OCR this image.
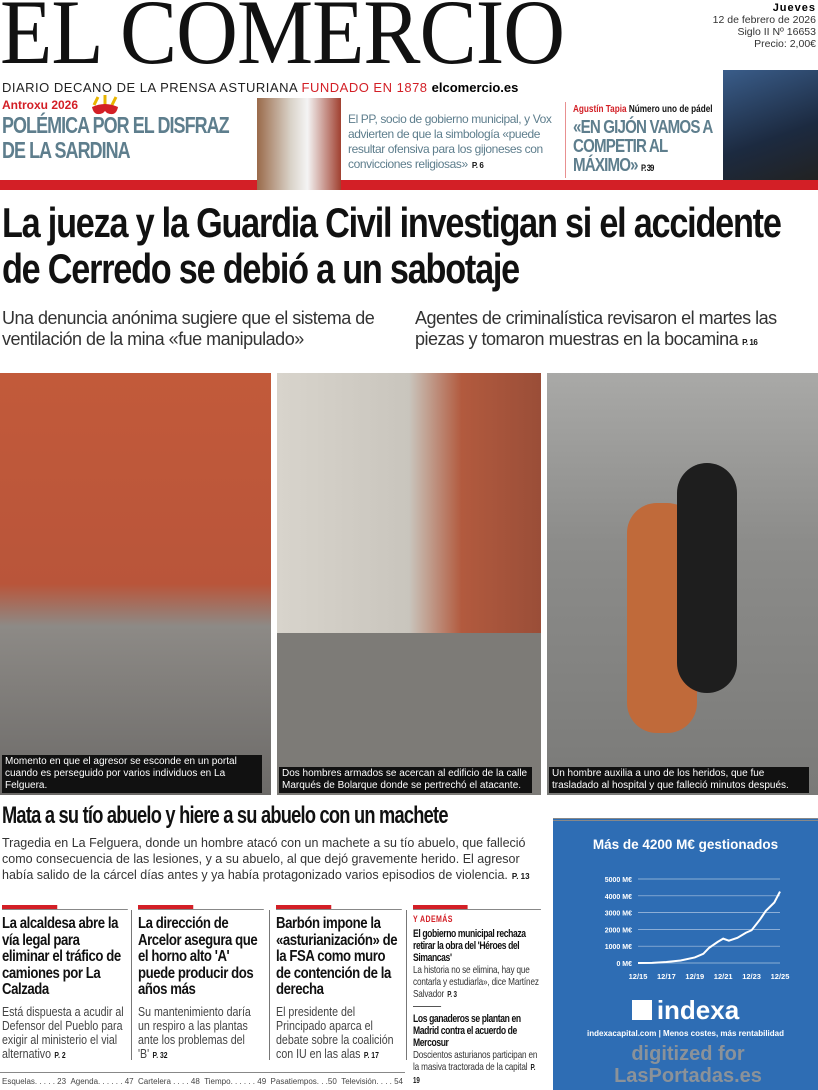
EL COMERCIO	Jueves
12 de febrero de 2026
Siglo II Nº 16653
Precio: 2,00€
DIARIO DECANO DE LA PRENSA ASTURIANA FUNDADO EN 1878 elcomercio.es
Antroxu 2026
POLÉMICA POR EL DISFRAZ DE LA SARDINA
El PP, socio de gobierno municipal, y Vox advierten de que la simbología «puede resultar ofensiva para los gijoneses con convicciones religiosas» P. 6
Agustín Tapia Número uno de pádel
«EN GIJÓN VAMOS A COMPETIR AL MÁXIMO» P. 39
La jueza y la Guardia Civil investigan si el accidente de Cerredo se debió a un sabotaje
Una denuncia anónima sugiere que el sistema de ventilación de la mina «fue manipulado»
Agentes de criminalística revisaron el martes las piezas y tomaron muestras en la bocamina P. 16
Momento en que el agresor se esconde en un portal cuando es perseguido por varios individuos en La Felguera.
Dos hombres armados se acercan al edificio de la calle Marqués de Bolarque donde se pertrechó el atacante.
Un hombre auxilia a uno de los heridos, que fue trasladado al hospital y que falleció minutos después.
Mata a su tío abuelo y hiere a su abuelo con un machete
Tragedia en La Felguera, donde un hombre atacó con un machete a su tío abuelo, que falleció como consecuencia de las lesiones, y a su abuelo, al que dejó gravemente herido. El agresor había salido de la cárcel días antes y ya había protagonizado varios episodios de violencia. P. 13
La alcaldesa abre la vía legal para eliminar el tráfico de camiones por La Calzada

Está dispuesta a acudir al Defensor del Pueblo para exigir al ministerio el vial alternativo P. 2

La dirección de Arcelor asegura que el horno alto 'A' puede producir dos años más

Su mantenimiento daría un respiro a las plantas ante los problemas del 'B' P. 32

Barbón impone la «asturianización» de la FSA como muro de contención de la derecha

El presidente del Principado aparca el debate sobre la coalición con IU en las alas P. 17

Y ADEMÁS
El gobierno municipal rechaza retirar la obra del 'Héroes del Simancas'
La historia no se elimina, hay que contarla y estudiarla», dice Martínez Salvador P. 3
Los ganaderos se plantan en Madrid contra el acuerdo de Mercosur
Doscientos asturianos participan en la masiva tractorada de la capital P. 19
Esquelas. . . . . 23 Agenda. . . . . . 47 Cartelera . . . . 48 Tiempo. . . . . . 49 Pasatiempos. . .50 Televisión. . . . 54
Más de 4200 M€ gestionados
0 M€
1000 M€
2000 M€
3000 M€
4000 M€
5000 M€
12/15 12/17 12/19 12/21 12/23 12/25
indexa
indexacapital.com | Menos costes, más rentabilidad
digitized for LasPortadas.es
